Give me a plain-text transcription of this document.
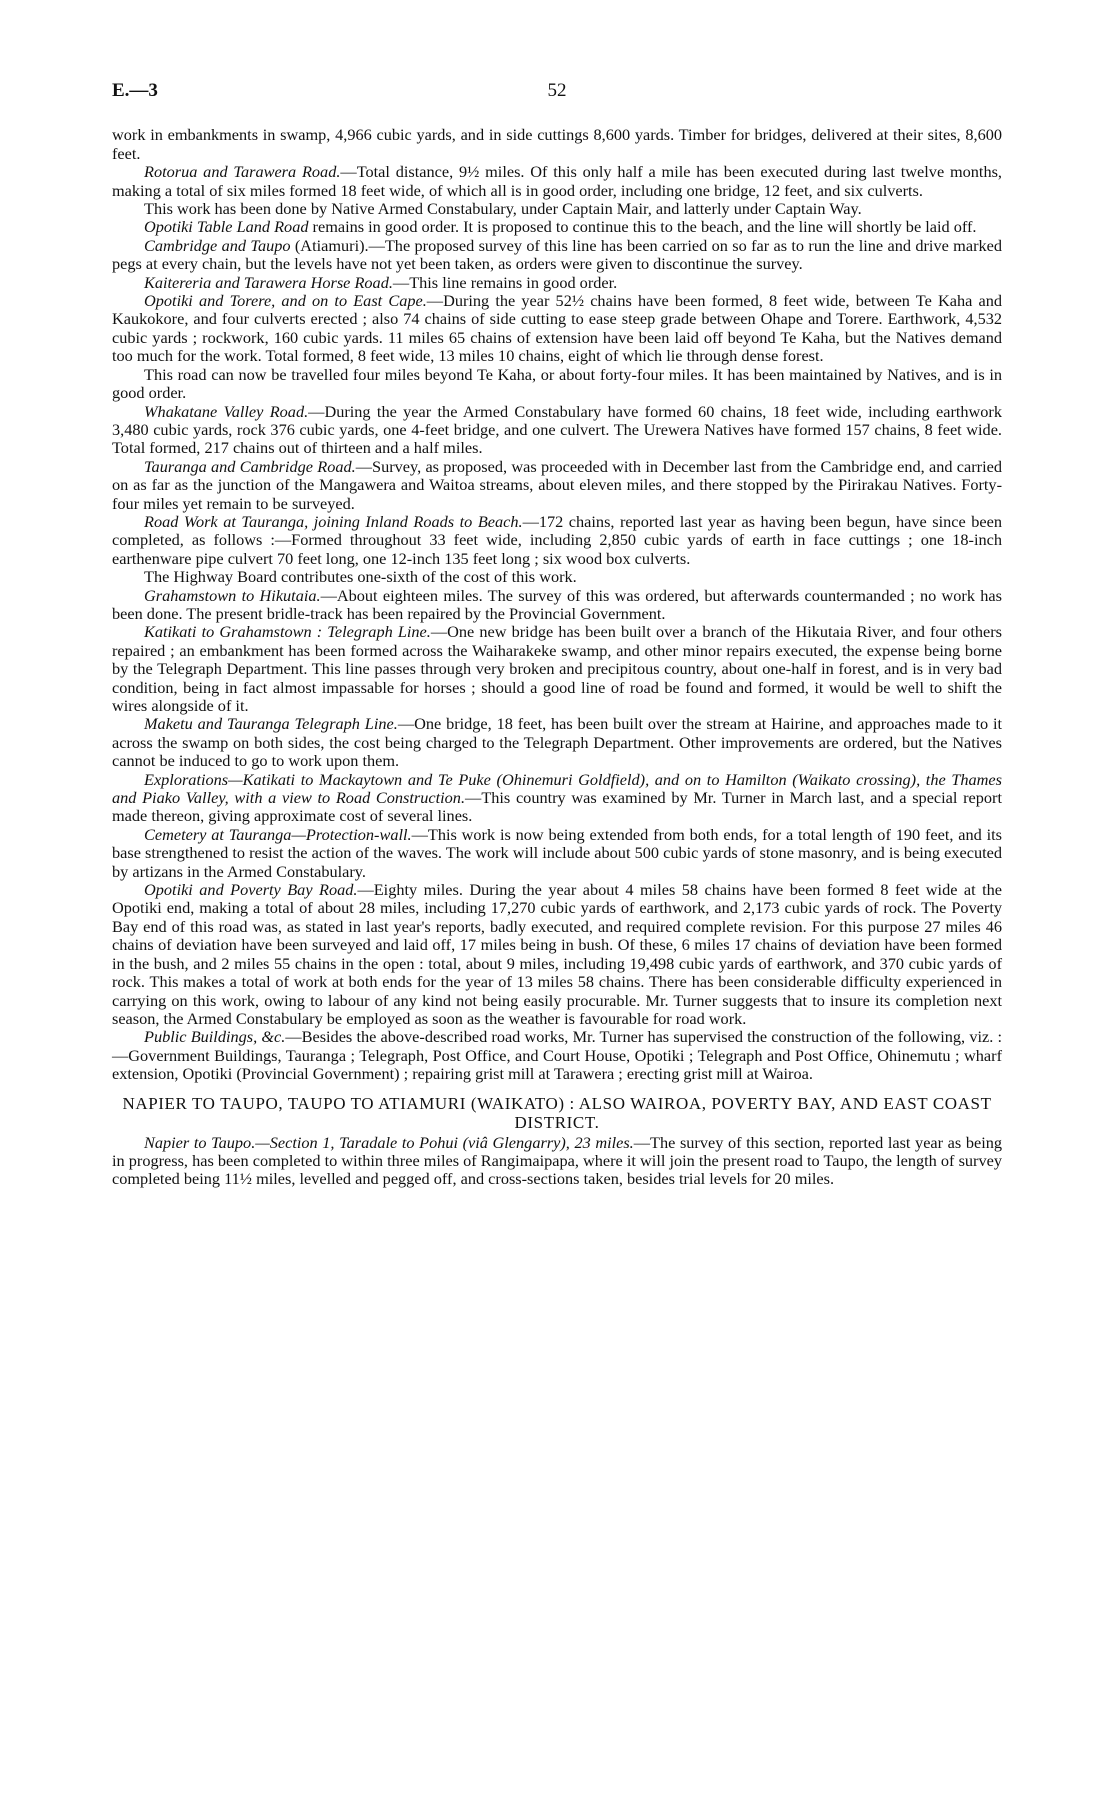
E.—3	52

work in embankments in swamp, 4,966 cubic yards, and in side cuttings 8,600 yards. Timber for bridges, delivered at their sites, 8,600 feet.

Rotorua and Tarawera Road.—Total distance, 9½ miles. Of this only half a mile has been executed during last twelve months, making a total of six miles formed 18 feet wide, of which all is in good order, including one bridge, 12 feet, and six culverts.

This work has been done by Native Armed Constabulary, under Captain Mair, and latterly under Captain Way.

Opotiki Table Land Road remains in good order. It is proposed to continue this to the beach, and the line will shortly be laid off.

Cambridge and Taupo (Atiamuri).—The proposed survey of this line has been carried on so far as to run the line and drive marked pegs at every chain, but the levels have not yet been taken, as orders were given to discontinue the survey.

Kaitereria and Tarawera Horse Road.—This line remains in good order.

Opotiki and Torere, and on to East Cape.—During the year 52½ chains have been formed, 8 feet wide, between Te Kaha and Kaukokore, and four culverts erected ; also 74 chains of side cutting to ease steep grade between Ohape and Torere. Earthwork, 4,532 cubic yards ; rockwork, 160 cubic yards. 11 miles 65 chains of extension have been laid off beyond Te Kaha, but the Natives demand too much for the work. Total formed, 8 feet wide, 13 miles 10 chains, eight of which lie through dense forest.

This road can now be travelled four miles beyond Te Kaha, or about forty-four miles. It has been maintained by Natives, and is in good order.

Whakatane Valley Road.—During the year the Armed Constabulary have formed 60 chains, 18 feet wide, including earthwork 3,480 cubic yards, rock 376 cubic yards, one 4-feet bridge, and one culvert. The Urewera Natives have formed 157 chains, 8 feet wide. Total formed, 217 chains out of thirteen and a half miles.

Tauranga and Cambridge Road.—Survey, as proposed, was proceeded with in December last from the Cambridge end, and carried on as far as the junction of the Mangawera and Waitoa streams, about eleven miles, and there stopped by the Pirirakau Natives. Forty-four miles yet remain to be surveyed.

Road Work at Tauranga, joining Inland Roads to Beach.—172 chains, reported last year as having been begun, have since been completed, as follows :—Formed throughout 33 feet wide, including 2,850 cubic yards of earth in face cuttings ; one 18-inch earthenware pipe culvert 70 feet long, one 12-inch 135 feet long ; six wood box culverts.

The Highway Board contributes one-sixth of the cost of this work.

Grahamstown to Hikutaia.—About eighteen miles. The survey of this was ordered, but afterwards countermanded ; no work has been done. The present bridle-track has been repaired by the Provincial Government.

Katikati to Grahamstown : Telegraph Line.—One new bridge has been built over a branch of the Hikutaia River, and four others repaired ; an embankment has been formed across the Waiharakeke swamp, and other minor repairs executed, the expense being borne by the Telegraph Department. This line passes through very broken and precipitous country, about one-half in forest, and is in very bad condition, being in fact almost impassable for horses ; should a good line of road be found and formed, it would be well to shift the wires alongside of it.

Maketu and Tauranga Telegraph Line.—One bridge, 18 feet, has been built over the stream at Hairine, and approaches made to it across the swamp on both sides, the cost being charged to the Telegraph Department. Other improvements are ordered, but the Natives cannot be induced to go to work upon them.

Explorations—Katikati to Mackaytown and Te Puke (Ohinemuri Goldfield), and on to Hamilton (Waikato crossing), the Thames and Piako Valley, with a view to Road Construction.—This country was examined by Mr. Turner in March last, and a special report made thereon, giving approximate cost of several lines.

Cemetery at Tauranga—Protection-wall.—This work is now being extended from both ends, for a total length of 190 feet, and its base strengthened to resist the action of the waves. The work will include about 500 cubic yards of stone masonry, and is being executed by artizans in the Armed Constabulary.

Opotiki and Poverty Bay Road.—Eighty miles. During the year about 4 miles 58 chains have been formed 8 feet wide at the Opotiki end, making a total of about 28 miles, including 17,270 cubic yards of earthwork, and 2,173 cubic yards of rock. The Poverty Bay end of this road was, as stated in last year's reports, badly executed, and required complete revision. For this purpose 27 miles 46 chains of deviation have been surveyed and laid off, 17 miles being in bush. Of these, 6 miles 17 chains of deviation have been formed in the bush, and 2 miles 55 chains in the open : total, about 9 miles, including 19,498 cubic yards of earthwork, and 370 cubic yards of rock. This makes a total of work at both ends for the year of 13 miles 58 chains. There has been considerable difficulty experienced in carrying on this work, owing to labour of any kind not being easily procurable. Mr. Turner suggests that to insure its completion next season, the Armed Constabulary be employed as soon as the weather is favourable for road work.

Public Buildings, &c.—Besides the above-described road works, Mr. Turner has supervised the construction of the following, viz. :—Government Buildings, Tauranga ; Telegraph, Post Office, and Court House, Opotiki ; Telegraph and Post Office, Ohinemutu ; wharf extension, Opotiki (Provincial Government) ; repairing grist mill at Tarawera ; erecting grist mill at Wairoa.

NAPIER TO TAUPO, TAUPO TO ATIAMURI (WAIKATO) : ALSO WAIROA, POVERTY BAY, AND EAST COAST DISTRICT.

Napier to Taupo.—Section 1, Taradale to Pohui (viâ Glengarry), 23 miles.—The survey of this section, reported last year as being in progress, has been completed to within three miles of Rangimaipapa, where it will join the present road to Taupo, the length of survey completed being 11½ miles, levelled and pegged off, and cross-sections taken, besides trial levels for 20 miles.
